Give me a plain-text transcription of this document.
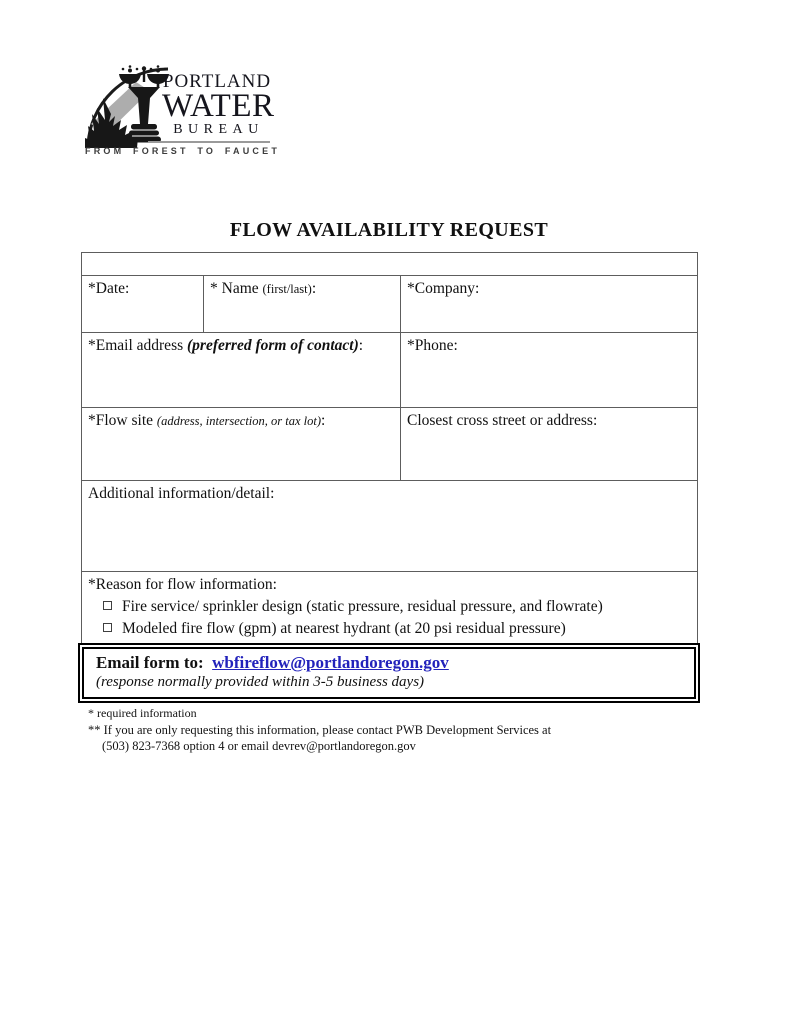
PORTLAND
WATER
BUREAU
FROM FOREST TO FAUCET
FLOW AVAILABILITY REQUEST

*Date:	* Name (first/last):	*Company:
*Email address (preferred form of contact):		*Phone:
*Flow site (address, intersection, or tax lot):		Closest cross street or address:
Additional information/detail:		
*Reason for flow information:
Fire service/ sprinkler design (static pressure, residual pressure, and flowrate)
Modeled fire flow (gpm) at nearest hydrant (at 20 psi residual pressure)		
Email form to: wbfireflow@portlandoregon.gov
(response normally provided within 3-5 business days)
* required information
** If you are only requesting this information, please contact PWB Development Services at
(503) 823-7368 option 4 or email devrev@portlandoregon.gov
